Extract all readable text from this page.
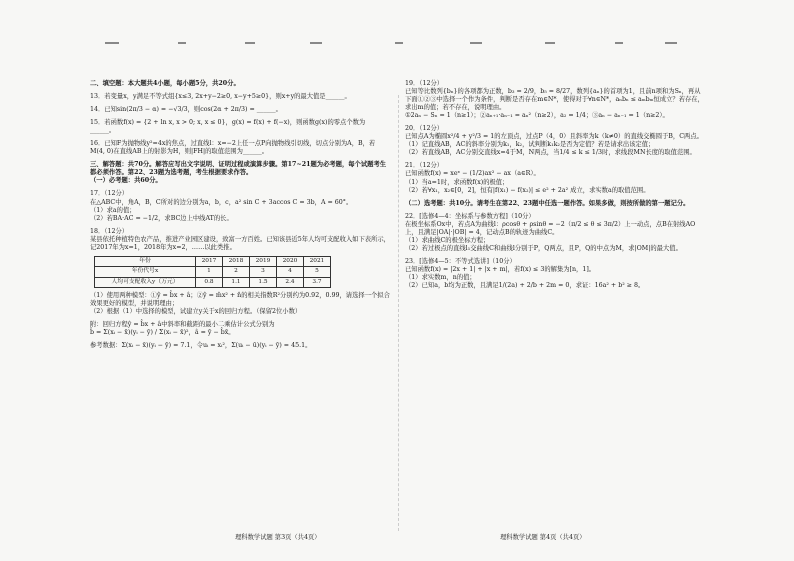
二、填空题：本大题共4小题，每小题5分，共20分。

13．若变量x，y满足不等式组{x≤3, 2x+y−2≥0, x−y+5≥0}，则x+y的最大值是______。

14．已知sin(2π/3 − α) = −√3/3，则cos(2α + 2π/3) = ______。

15．若函数f(x) = {2 + ln x, x > 0; x, x ≤ 0}，g(x) = f(x) + f(−x)，则函数g(x)的零点个数为______。

16．已知F为抛物线y²=4x的焦点，过直线l：x=−2上任一点P向抛物线引切线，切点分别为A，B，若M(4, 0)在直线AB上的射影为H，则|FH|的取值范围为______。

三、解答题：共70分。解答应写出文字说明、证明过程或演算步骤。第17~21题为必考题，每个试题考生都必须作答。第22、23题为选考题，考生根据要求作答。

（一）必考题：共60分。

17．（12分）

在△ABC中，角A，B，C所对的边分别为a，b，c，a² sin C + 3accos C = 3b，A = 60°。

（1）求a的值；

（2）若BA·AC = −1/2，求BC边上中线AT的长。

18．（12分）

某县依托种植特色农产品，推进产业园区建设，致富一方百姓。已知该县近5年人均可支配收入如下表所示，记2017年为x=1，2018年为x=2，……以此类推。

年份	2017	2018	2019	2020	2021
年份代号x	1	2	3	4	5
人均可支配收入y（万元）	0.8	1.1	1.5	2.4	3.7

（1）使用两种模型：①ŷ = b̂x + â；②ŷ = m̂x² + n̂的相关指数R²分别约为0.92，0.99，请选择一个拟合效果更好的模型，并说明理由；

（2）根据（1）中选择的模型，试建立y关于x的回归方程。（保留2位小数）

附：回归方程ŷ = b̂x + â中斜率和截距的最小二乘估计公式分别为

b̂ = Σ(xᵢ − x̄)(yᵢ − ȳ) / Σ(xᵢ − x̄)²，â = ȳ − b̂x̄。

参考数据：Σ(xᵢ − x̄)(yᵢ − ȳ) = 7.1，令uᵢ = xᵢ²，Σ(uᵢ − ū)(yᵢ − ȳ) = 45.1。

19．（12分）

已知等比数列{bₙ}的各项都为正数，b₃ = 2/9，b₅ = 8/27，数列{aₙ}的首项为1，且前n项和为Sₙ，再从下面①②③中选择一个作为条件，判断是否存在m∈N*，使得对于∀n∈N*，aₙbₙ ≤ aₘbₘ恒成立？若存在，求出m的值；若不存在，说明理由。

①2aₙ − Sₙ = 1（n≥1）；②aₙ₊₁·aₙ₋₁ = aₙ²（n≥2），a₂ = 1/4；③aₙ − aₙ₋₁ = 1（n≥2）。

20．（12分）

已知点A为椭圆x²/4 + y²/3 = 1的左顶点，过点P（4，0）且斜率为k（k≠0）的直线交椭圆于B，C两点。

（1）记直线AB，AC的斜率分别为k₁，k₂，试判断k₁k₂是否为定值？若是请求出该定值；

（2）若直线AB，AC分别交直线x=4于M，N两点，当1/4 ≤ k ≤ 1/3时，求线段MN长度的取值范围。

21．（12分）

已知函数f(x) = xeˣ − (1/2)ax² − ax（a∈R）。

（1）当a=1时，求函数f(x)的极值；

（2）若∀x₁，x₂∈[0，2]，恒有|f(x₁) − f(x₂)| ≤ e² + 2a² 成立，求实数a的取值范围。

（二）选考题：共10分。请考生在第22、23题中任选一题作答。如果多做，则按所做的第一题记分。

22．[选修4—4：坐标系与参数方程]（10分）

在极坐标系Ox中，若点A为曲线l：ρcosθ + ρsinθ = −2（π/2 ≤ θ ≤ 3π/2）上一动点，点B在射线AO上，且满足|OA|·|OB| = 4，记动点B的轨迹为曲线C。

（1）求曲线C的极坐标方程；

（2）若过极点的直线l₁交曲线C和曲线l分别于P，Q两点，且P，Q的中点为M，求|OM|的最大值。

23．[选修4—5：不等式选讲]（10分）

已知函数f(x) = |2x + 1| + |x + m|，若f(x) ≤ 3的解集为[n，1]。

（1）求实数m，n的值；

（2）已知a，b均为正数，且满足1/(2a) + 2/b + 2m = 0，求证：16a² + b² ≥ 8。

理科数学试题 第3页（共4页）	理科数学试题 第4页（共4页）
